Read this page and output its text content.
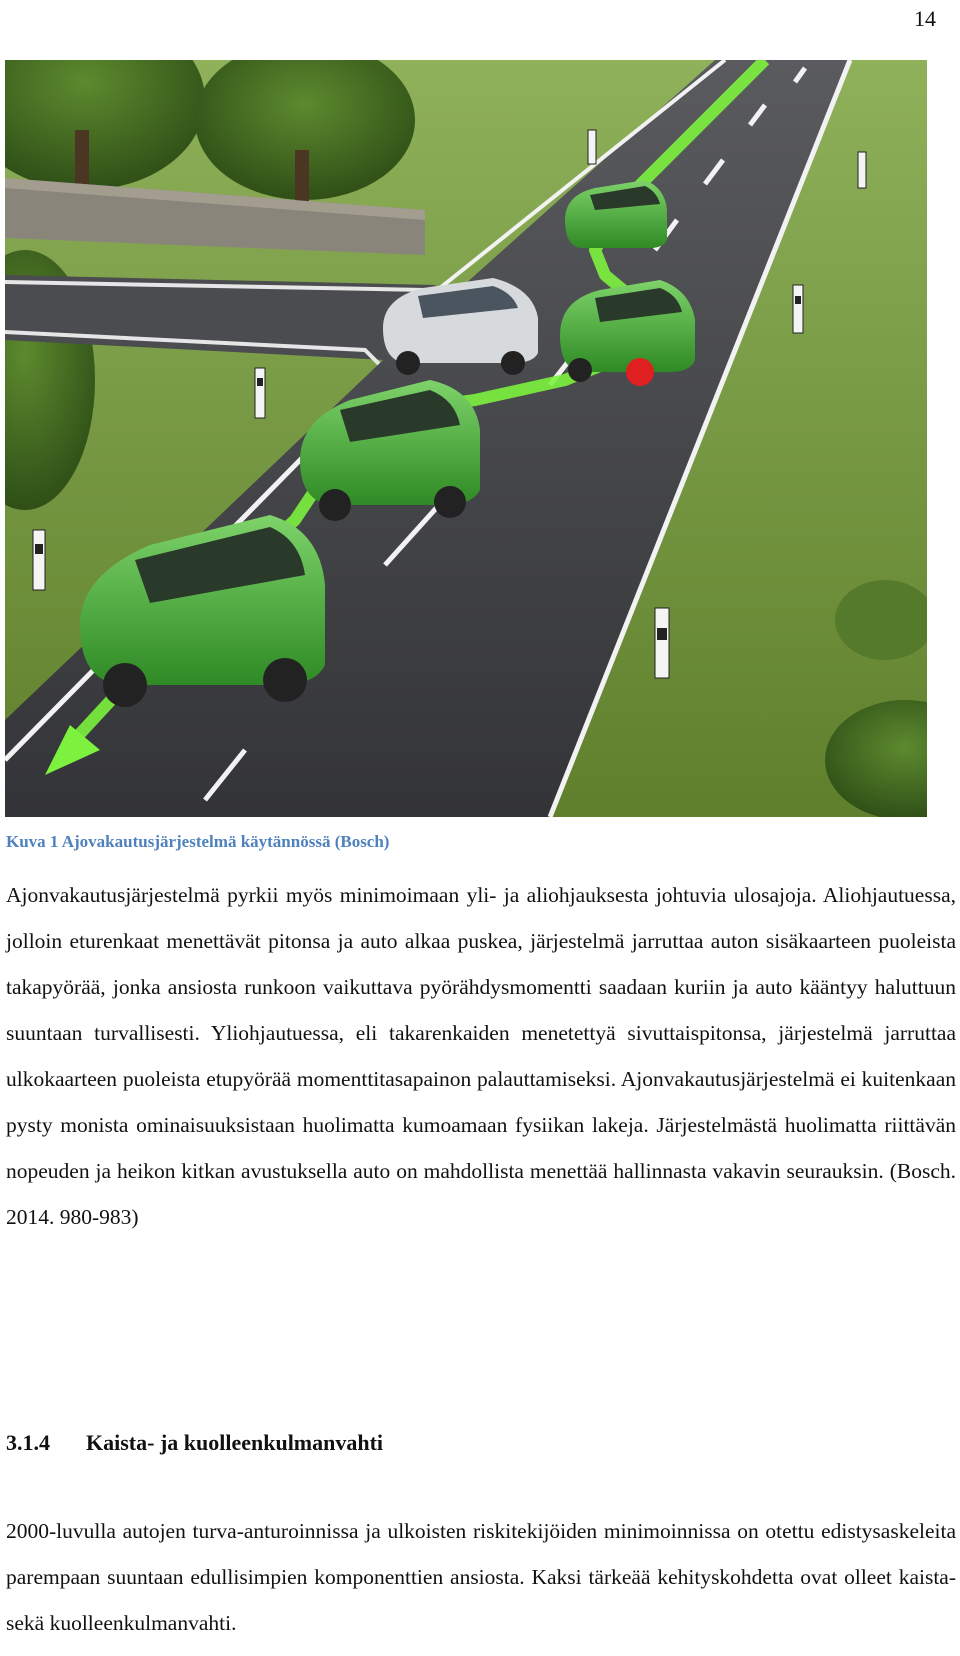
14
Kuva 1 Ajovakautusjärjestelmä käytännössä (Bosch)

Ajonvakautusjärjestelmä pyrkii myös minimoimaan yli- ja aliohjauksesta johtuvia ulosajoja. Aliohjautuessa, jolloin eturenkaat menettävät pitonsa ja auto alkaa puskea, järjestelmä jarruttaa auton sisäkaarteen puoleista takapyörää, jonka ansiosta runkoon vaikuttava pyörähdysmomentti saadaan kuriin ja auto kääntyy haluttuun suuntaan turvallisesti. Yliohjautuessa, eli takarenkaiden menetettyä sivuttaispitonsa, järjestelmä jarruttaa ulkokaarteen puoleista etupyörää momenttitasapainon palauttamiseksi. Ajonvakautusjärjestelmä ei kuitenkaan pysty monista ominaisuuksistaan huolimatta kumoamaan fysiikan lakeja. Järjestelmästä huolimatta riittävän nopeuden ja heikon kitkan avustuksella auto on mahdollista menettää hallinnasta vakavin seurauksin. (Bosch. 2014. 980-983)

3.1.4 Kaista- ja kuolleenkulmanvahti

2000-luvulla autojen turva-anturoinnissa ja ulkoisten riskitekijöiden minimoinnissa on otettu edistysaskeleita parempaan suuntaan edullisimpien komponenttien ansiosta. Kaksi tärkeää kehityskohdetta ovat olleet kaista- sekä kuolleenkulmanvahti.
